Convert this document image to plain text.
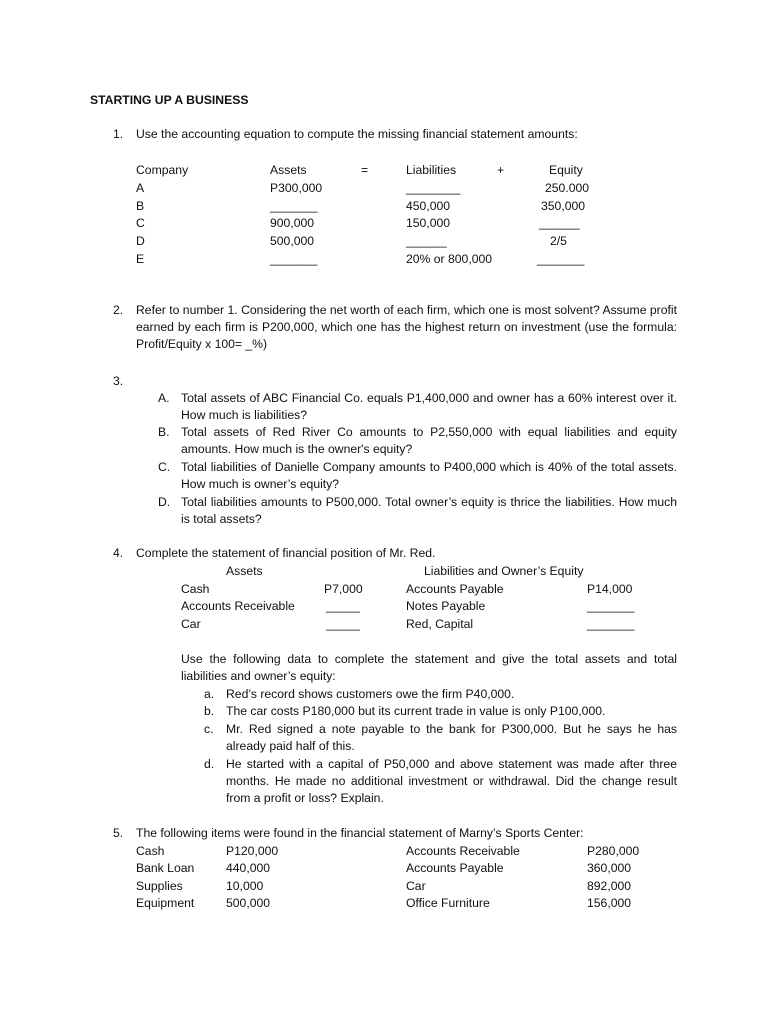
STARTING UP A BUSINESS
1. Use the accounting equation to compute the missing financial statement amounts:
Company	Assets	=	Liabilities	+	Equity
A	P300,000	________	250.000
B	_______	450,000	350,000
C	900,000	150,000	______
D	500,000	______	2/5
E	_______	20% or 800,000	_______
2. Refer to number 1. Considering the net worth of each firm, which one is most solvent? Assume profit earned by each firm is P200,000, which one has the highest return on investment (use the formula: Profit/Equity x 100= _%)
3.
A. Total assets of ABC Financial Co. equals P1,400,000 and owner has a 60% interest over it. How much is liabilities?
B. Total assets of Red River Co amounts to P2,550,000 with equal liabilities and equity amounts. How much is the owner's equity?
C. Total liabilities of Danielle Company amounts to P400,000 which is 40% of the total assets. How much is owner’s equity?
D. Total liabilities amounts to P500,000. Total owner’s equity is thrice the liabilities. How much is total assets?
4. Complete the statement of financial position of Mr. Red.
Assets	Liabilities and Owner’s Equity
Cash	P7,000	Accounts Payable	P14,000
Accounts Receivable	_____	Notes Payable	_______
Car	_____	Red, Capital	_______
Use the following data to complete the statement and give the total assets and total liabilities and owner’s equity:
a. Red’s record shows customers owe the firm P40,000.
b. The car costs P180,000 but its current trade in value is only P100,000.
c. Mr. Red signed a note payable to the bank for P300,000. But he says he has already paid half of this.
d. He started with a capital of P50,000 and above statement was made after three months. He made no additional investment or withdrawal. Did the change result from a profit or loss? Explain.
5. The following items were found in the financial statement of Marny’s Sports Center:
Cash	P120,000	Accounts Receivable	P280,000
Bank Loan	440,000	Accounts Payable	360,000
Supplies	10,000	Car	892,000
Equipment	500,000	Office Furniture	156,000
